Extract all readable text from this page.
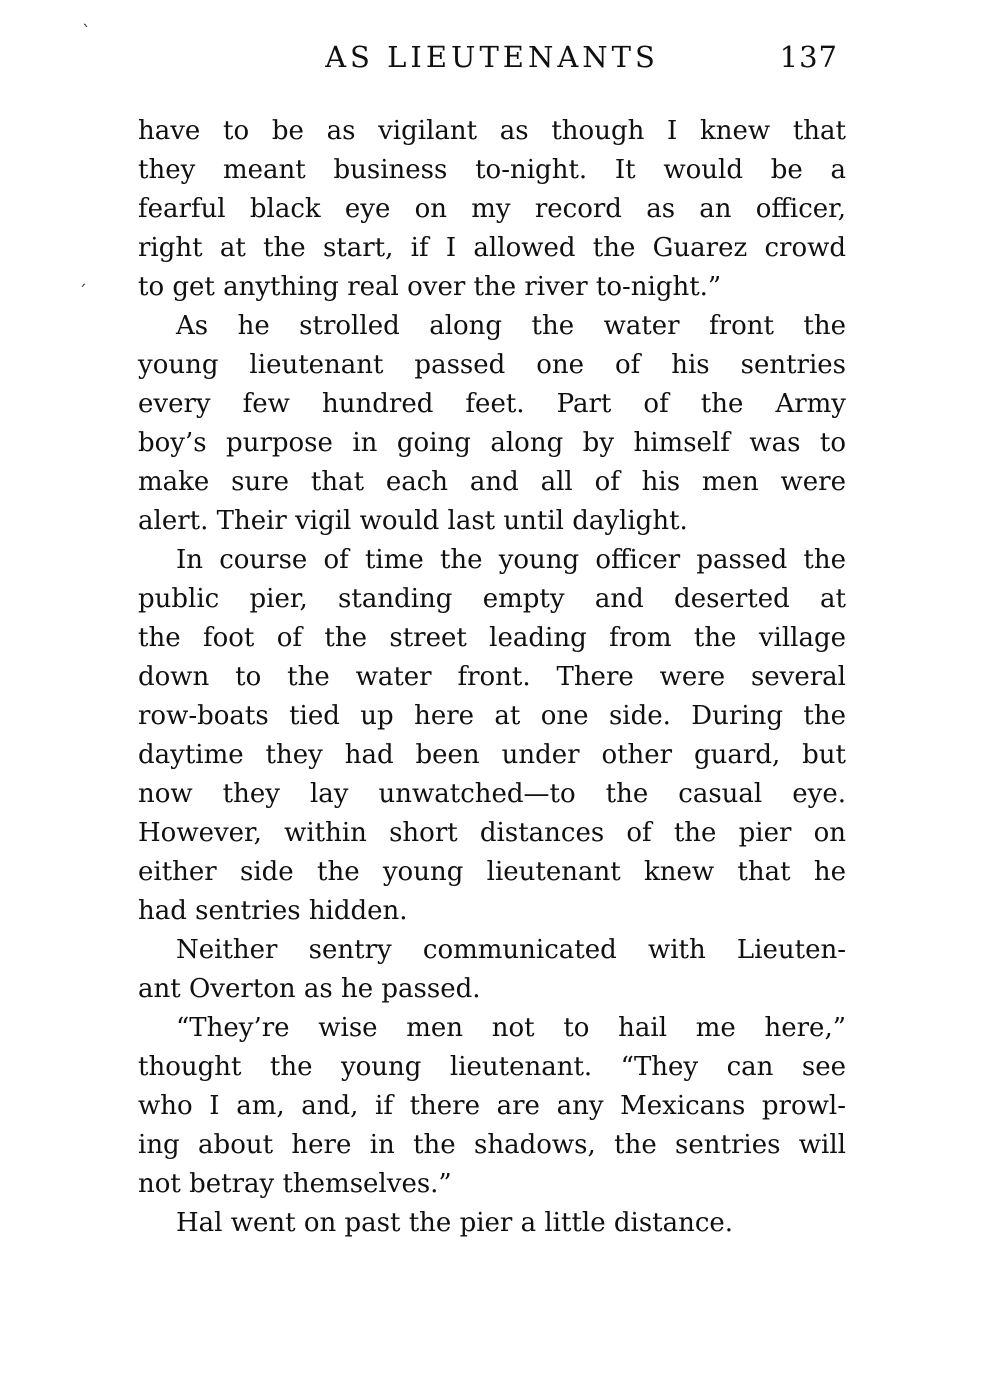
`
´
AS LIEUTENANTS	137
have to be as vigilant as though I knew that
they meant business to-night. It would be a
fearful black eye on my record as an officer,
right at the start, if I allowed the Guarez crowd
to get anything real over the river to-night.”
As he strolled along the water front the
young lieutenant passed one of his sentries
every few hundred feet. Part of the Army
boy’s purpose in going along by himself was to
make sure that each and all of his men were
alert. Their vigil would last until daylight.
In course of time the young officer passed the
public pier, standing empty and deserted at
the foot of the street leading from the village
down to the water front. There were several
row-boats tied up here at one side. During the
daytime they had been under other guard, but
now they lay unwatched—to the casual eye.
However, within short distances of the pier on
either side the young lieutenant knew that he
had sentries hidden.
Neither sentry communicated with Lieuten-
ant Overton as he passed.
“They’re wise men not to hail me here,”
thought the young lieutenant. “They can see
who I am, and, if there are any Mexicans prowl-
ing about here in the shadows, the sentries will
not betray themselves.”
Hal went on past the pier a little distance.
